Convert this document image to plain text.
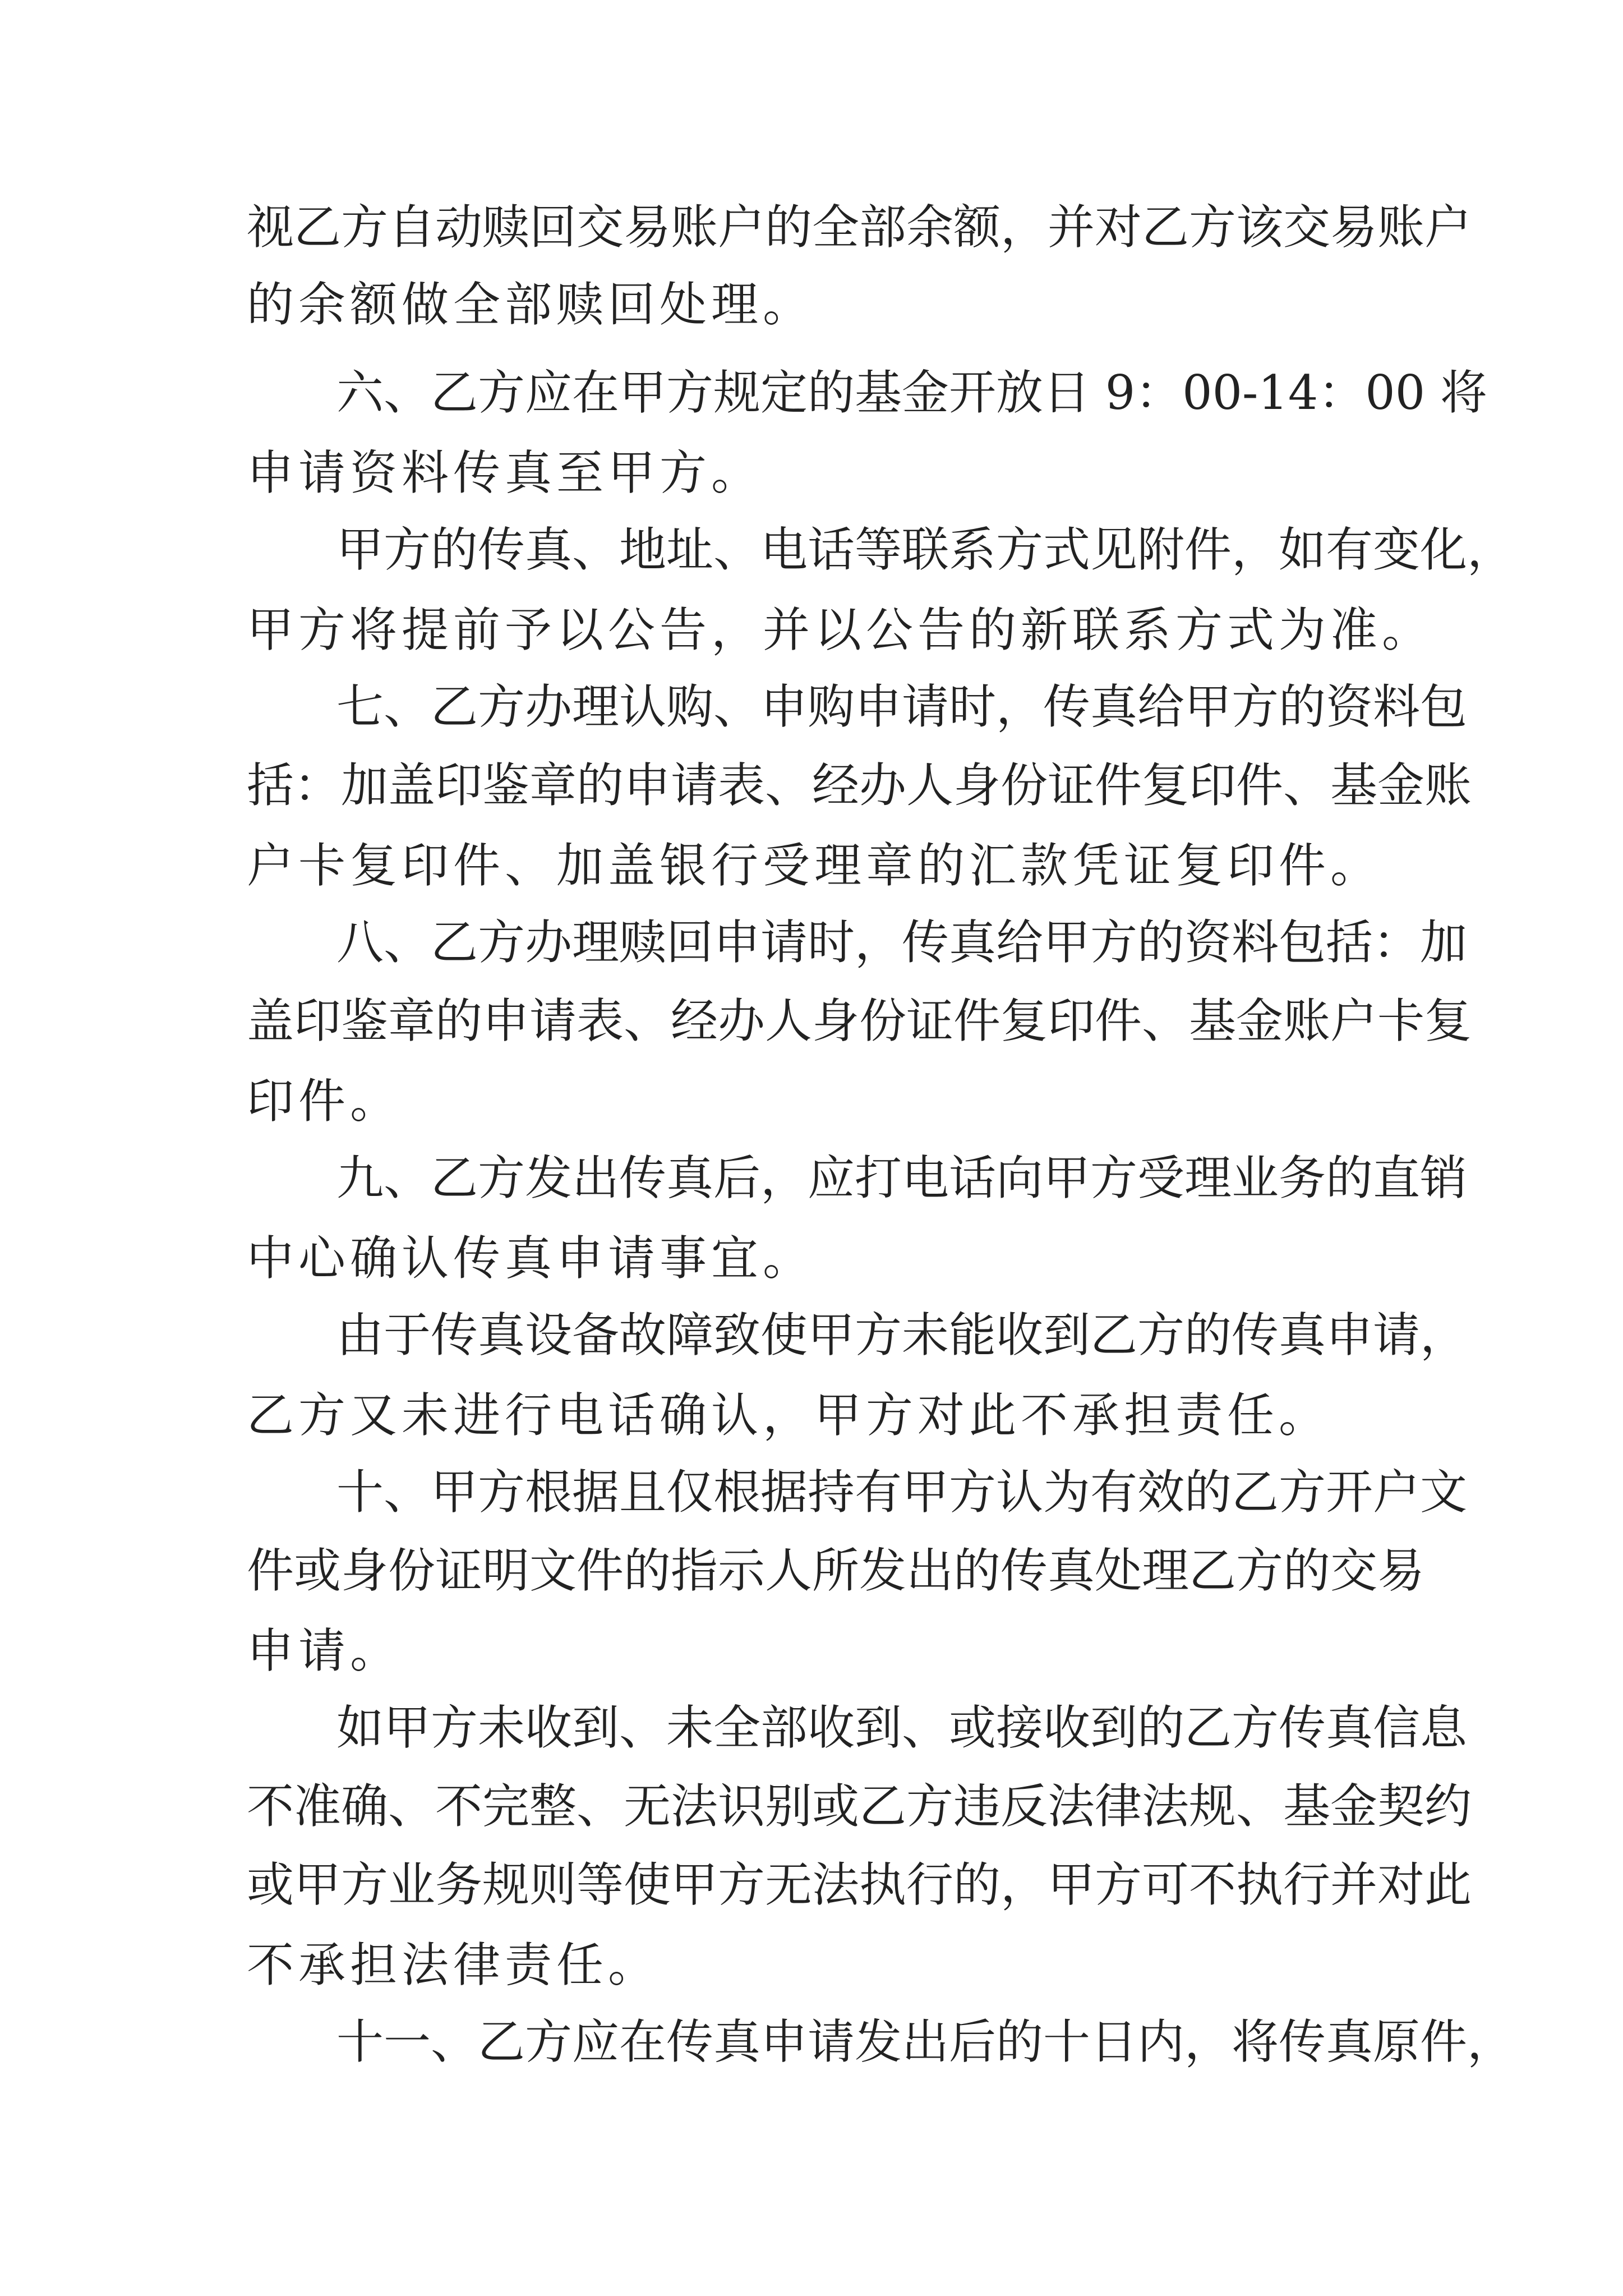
视乙方自动赎回交易账户的全部余额，并对乙方该交易账户

的余额做全部赎回处理。

六、乙方应在甲方规定的基金开放日 9：00-14：00 将

申请资料传真至甲方。

甲方的传真、地址、电话等联系方式见附件，如有变化，

甲方将提前予以公告，并以公告的新联系方式为准。

七、乙方办理认购、申购申请时，传真给甲方的资料包

括：加盖印鉴章的申请表、经办人身份证件复印件、基金账

户卡复印件、加盖银行受理章的汇款凭证复印件。

八、乙方办理赎回申请时，传真给甲方的资料包括：加

盖印鉴章的申请表、经办人身份证件复印件、基金账户卡复

印件。

九、乙方发出传真后，应打电话向甲方受理业务的直销

中心确认传真申请事宜。

由于传真设备故障致使甲方未能收到乙方的传真申请，

乙方又未进行电话确认，甲方对此不承担责任。

十、甲方根据且仅根据持有甲方认为有效的乙方开户文

件或身份证明文件的指示人所发出的传真处理乙方的交易

申请。

如甲方未收到、未全部收到、或接收到的乙方传真信息

不准确、不完整、无法识别或乙方违反法律法规、基金契约

或甲方业务规则等使甲方无法执行的，甲方可不执行并对此

不承担法律责任。

十一、乙方应在传真申请发出后的十日内，将传真原件，
